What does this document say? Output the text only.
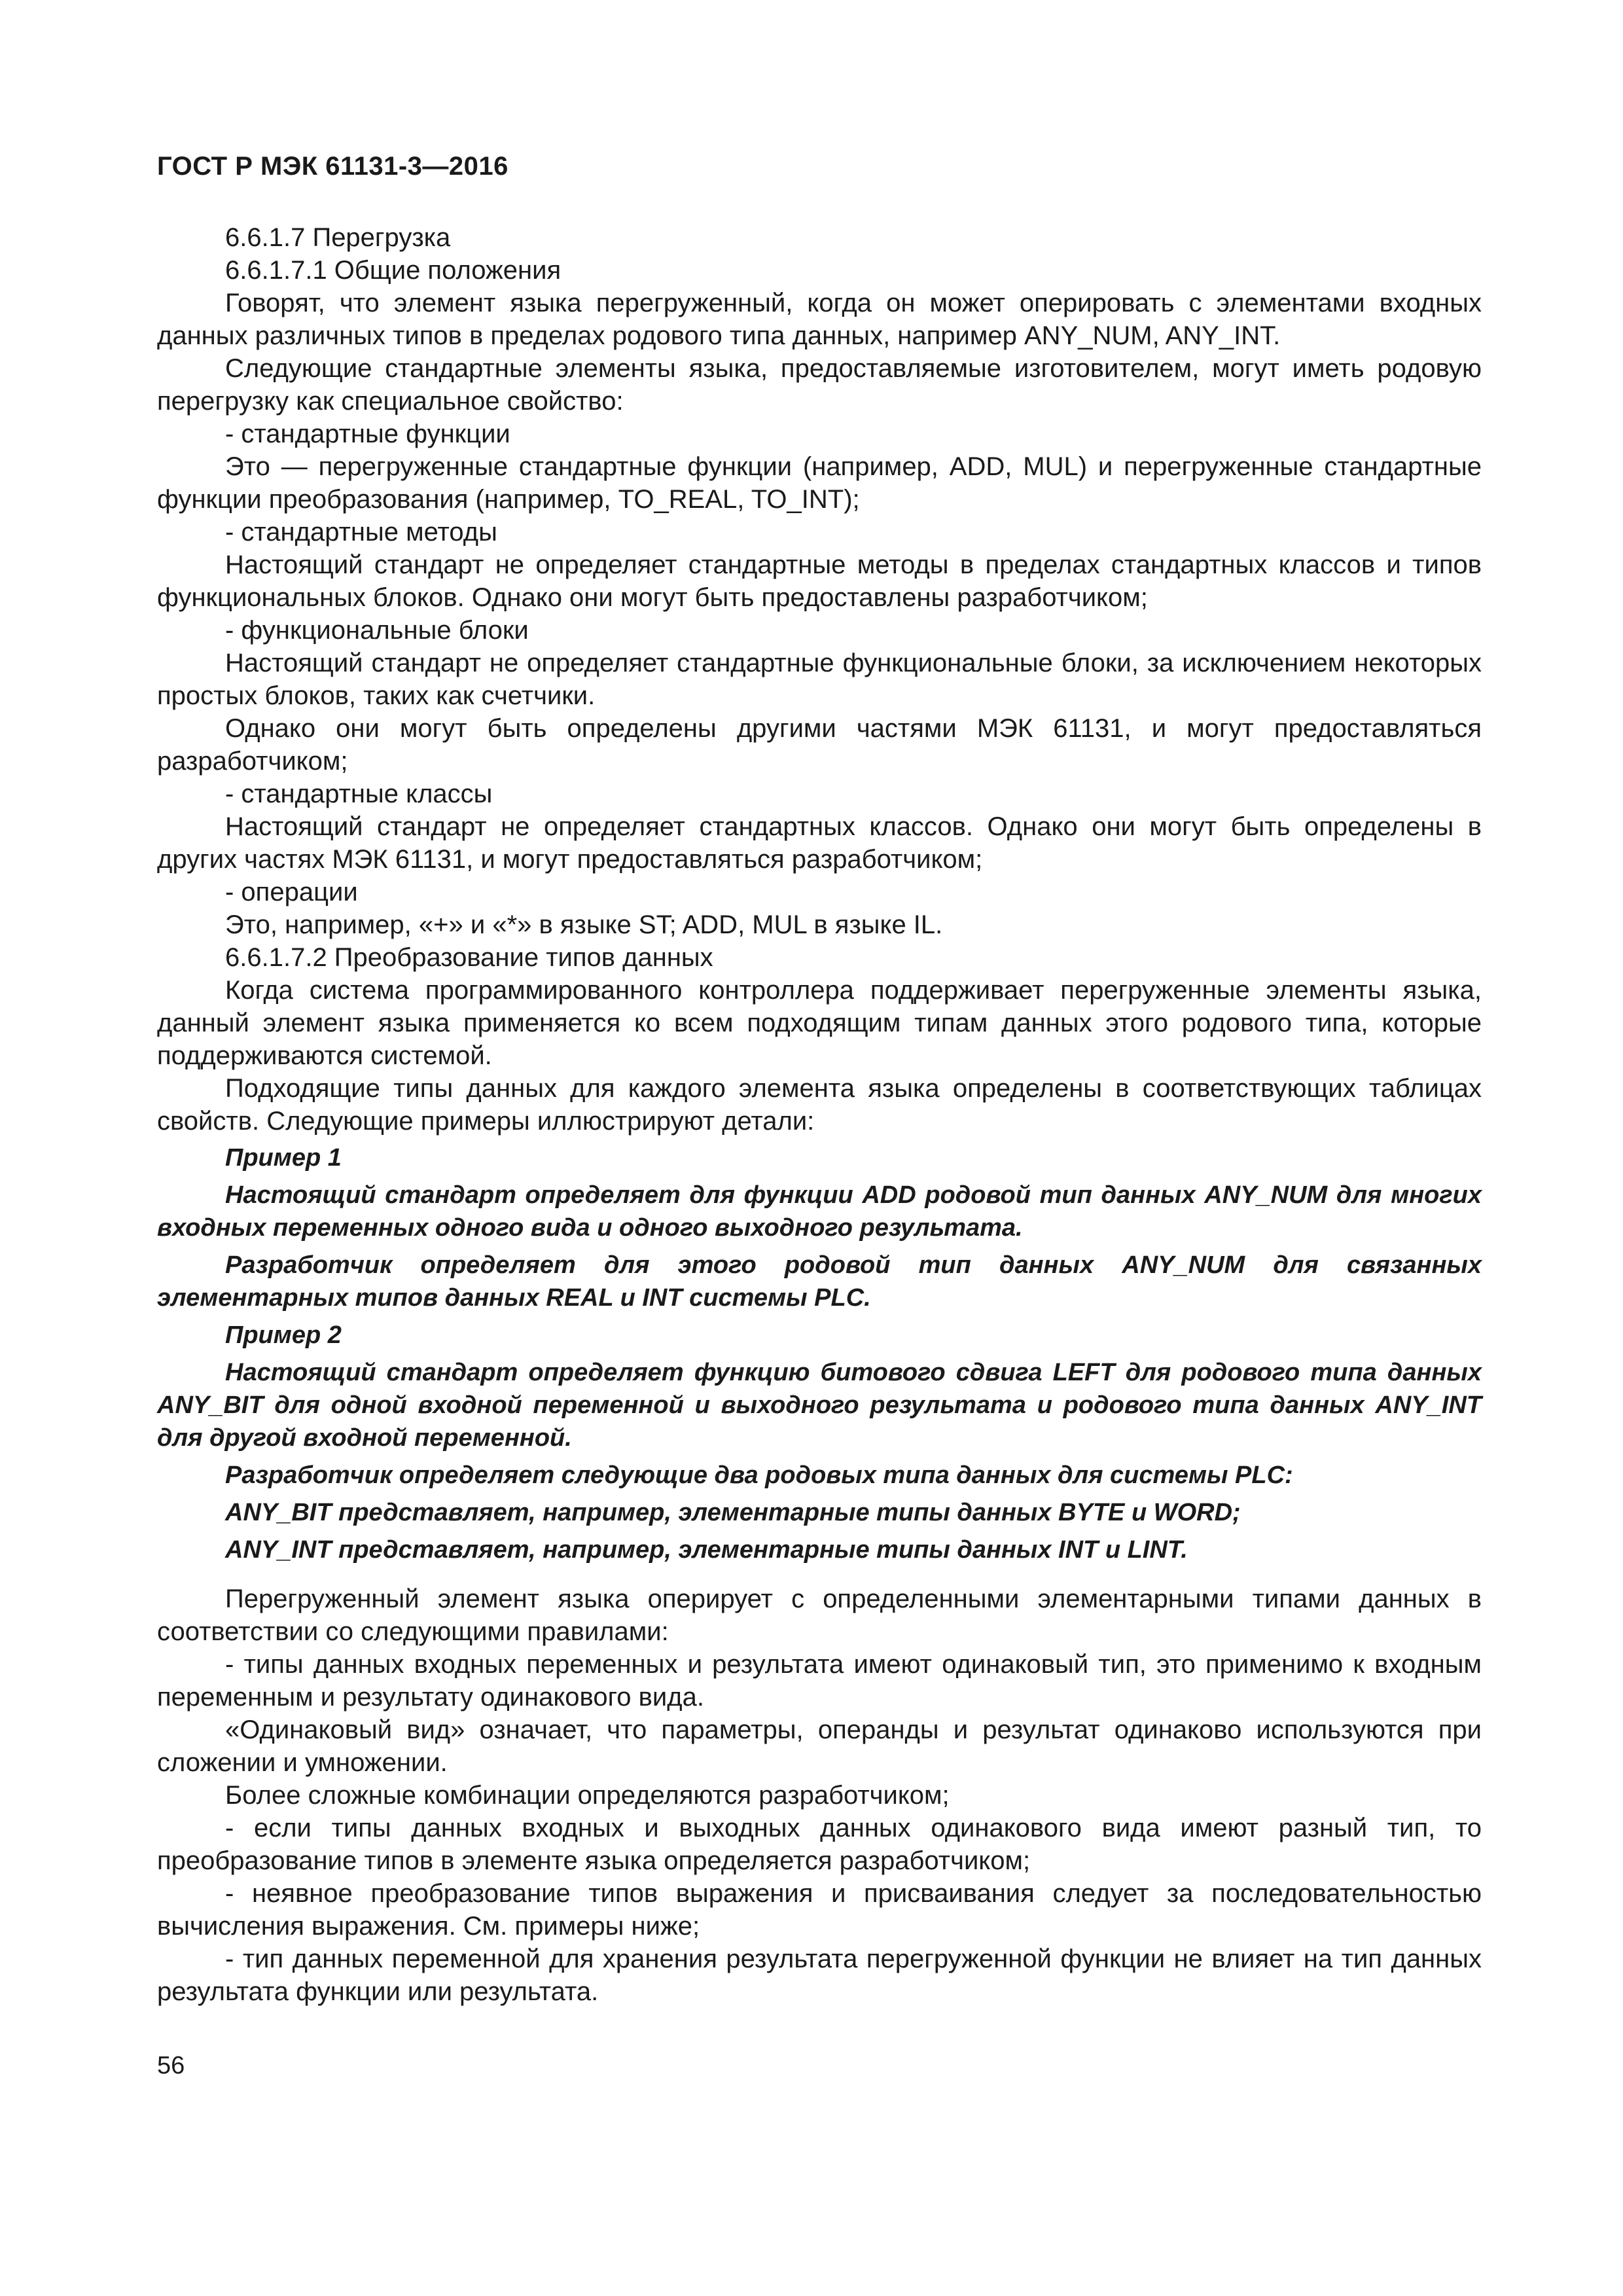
ГОСТ Р МЭК 61131-3—2016

6.6.1.7 Перегрузка

6.6.1.7.1 Общие положения

Говорят, что элемент языка перегруженный, когда он может оперировать с элементами входных данных различных типов в пределах родового типа данных, например ANY_NUM, ANY_INT.

Следующие стандартные элементы языка, предоставляемые изготовителем, могут иметь родовую перегрузку как специальное свойство:

- стандартные функции

Это — перегруженные стандартные функции (например, ADD, MUL) и перегруженные стандартные функции преобразования (например, TO_REAL, TO_INT);

- стандартные методы

Настоящий стандарт не определяет стандартные методы в пределах стандартных классов и типов функциональных блоков. Однако они могут быть предоставлены разработчиком;

- функциональные блоки

Настоящий стандарт не определяет стандартные функциональные блоки, за исключением некоторых простых блоков, таких как счетчики.

Однако они могут быть определены другими частями МЭК 61131, и могут предоставляться разработчиком;

- стандартные классы

Настоящий стандарт не определяет стандартных классов. Однако они могут быть определены в других частях МЭК 61131, и могут предоставляться разработчиком;

- операции

Это, например, «+» и «*» в языке ST; ADD, MUL в языке IL.

6.6.1.7.2 Преобразование типов данных

Когда система программированного контроллера поддерживает перегруженные элементы языка, данный элемент языка применяется ко всем подходящим типам данных этого родового типа, которые поддерживаются системой.

Подходящие типы данных для каждого элемента языка определены в соответствующих таблицах свойств. Следующие примеры иллюстрируют детали:

Пример 1

Настоящий стандарт определяет для функции ADD родовой тип данных ANY_NUM для многих входных переменных одного вида и одного выходного результата.

Разработчик определяет для этого родовой тип данных ANY_NUM для связанных элементарных типов данных REAL и INT системы PLC.

Пример 2

Настоящий стандарт определяет функцию битового сдвига LEFT для родового типа данных ANY_BIT для одной входной переменной и выходного результата и родового типа данных ANY_INT для другой входной переменной.

Разработчик определяет следующие два родовых типа данных для системы PLC:

ANY_BIT представляет, например, элементарные типы данных BYTE и WORD;

ANY_INT представляет, например, элементарные типы данных INT и LINT.

Перегруженный элемент языка оперирует с определенными элементарными типами данных в соответствии со следующими правилами:

- типы данных входных переменных и результата имеют одинаковый тип, это применимо к входным переменным и результату одинакового вида.

«Одинаковый вид» означает, что параметры, операнды и результат одинаково используются при сложении и умножении.

Более сложные комбинации определяются разработчиком;

- если типы данных входных и выходных данных одинакового вида имеют разный тип, то преобразование типов в элементе языка определяется разработчиком;

- неявное преобразование типов выражения и присваивания следует за последовательностью вычисления выражения. См. примеры ниже;

- тип данных переменной для хранения результата перегруженной функции не влияет на тип данных результата функции или результата.

56
